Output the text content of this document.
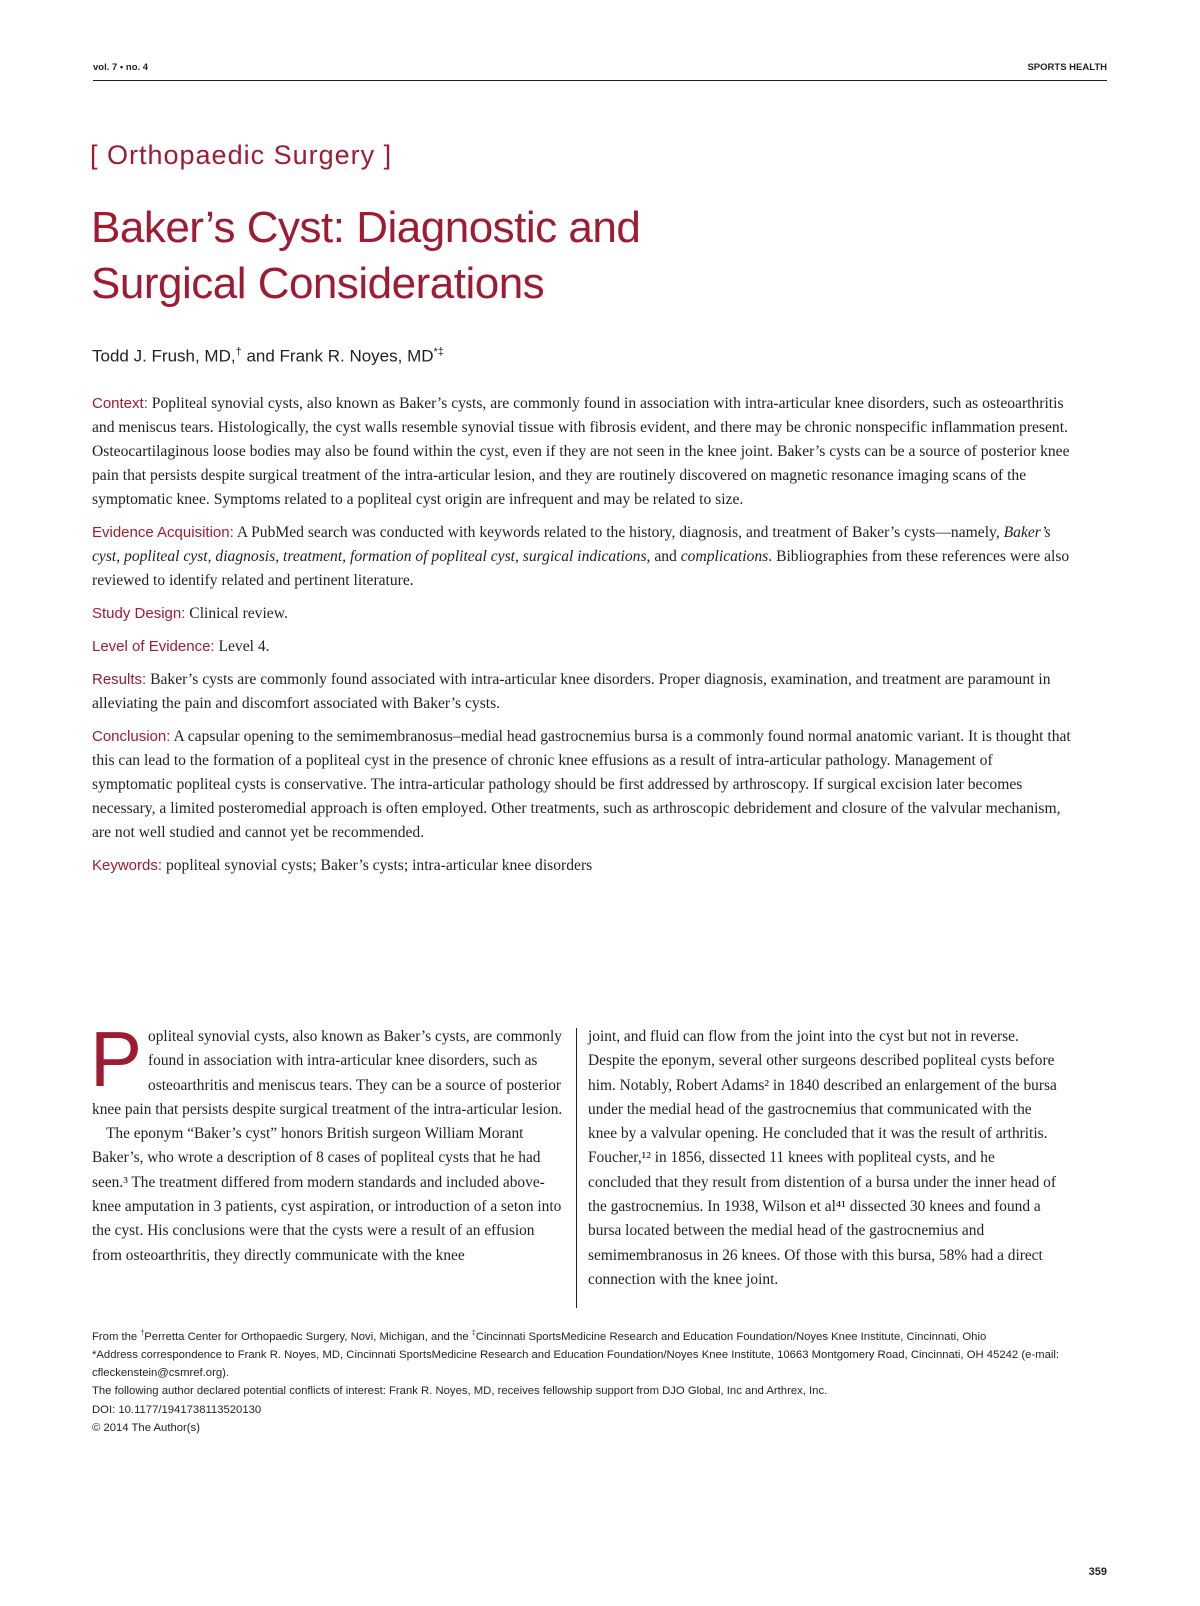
vol. 7 • no. 4	SPORTS HEALTH
[ Orthopaedic Surgery ]
Baker’s Cyst: Diagnostic and
Surgical Considerations
Todd J. Frush, MD,† and Frank R. Noyes, MD*‡

Context: Popliteal synovial cysts, also known as Baker’s cysts, are commonly found in association with intra-articular knee disorders, such as osteoarthritis and meniscus tears. Histologically, the cyst walls resemble synovial tissue with fibrosis evident, and there may be chronic nonspecific inflammation present. Osteocartilaginous loose bodies may also be found within the cyst, even if they are not seen in the knee joint. Baker’s cysts can be a source of posterior knee pain that persists despite surgical treatment of the intra-articular lesion, and they are routinely discovered on magnetic resonance imaging scans of the symptomatic knee. Symptoms related to a popliteal cyst origin are infrequent and may be related to size.

Evidence Acquisition: A PubMed search was conducted with keywords related to the history, diagnosis, and treatment of Baker’s cysts—namely, Baker’s cyst, popliteal cyst, diagnosis, treatment, formation of popliteal cyst, surgical indications, and complications. Bibliographies from these references were also reviewed to identify related and pertinent literature.

Study Design: Clinical review.

Level of Evidence: Level 4.

Results: Baker’s cysts are commonly found associated with intra-articular knee disorders. Proper diagnosis, examination, and treatment are paramount in alleviating the pain and discomfort associated with Baker’s cysts.

Conclusion: A capsular opening to the semimembranosus–medial head gastrocnemius bursa is a commonly found normal anatomic variant. It is thought that this can lead to the formation of a popliteal cyst in the presence of chronic knee effusions as a result of intra-articular pathology. Management of symptomatic popliteal cysts is conservative. The intra-articular pathology should be first addressed by arthroscopy. If surgical excision later becomes necessary, a limited posteromedial approach is often employed. Other treatments, such as arthroscopic debridement and closure of the valvular mechanism, are not well studied and cannot yet be recommended.

Keywords: popliteal synovial cysts; Baker’s cysts; intra-articular knee disorders

Popliteal synovial cysts, also known as Baker’s cysts, are commonly found in association with intra-articular knee disorders, such as osteoarthritis and meniscus tears. They can be a source of posterior knee pain that persists despite surgical treatment of the intra-articular lesion.

The eponym “Baker’s cyst” honors British surgeon William Morant Baker’s, who wrote a description of 8 cases of popliteal cysts that he had seen.³ The treatment differed from modern standards and included above-knee amputation in 3 patients, cyst aspiration, or introduction of a seton into the cyst. His conclusions were that the cysts were a result of an effusion from osteoarthritis, they directly communicate with the knee

joint, and fluid can flow from the joint into the cyst but not in reverse. Despite the eponym, several other surgeons described popliteal cysts before him. Notably, Robert Adams² in 1840 described an enlargement of the bursa under the medial head of the gastrocnemius that communicated with the knee by a valvular opening. He concluded that it was the result of arthritis. Foucher,¹² in 1856, dissected 11 knees with popliteal cysts, and he concluded that they result from distention of a bursa under the inner head of the gastrocnemius. In 1938, Wilson et al⁴¹ dissected 30 knees and found a bursa located between the medial head of the gastrocnemius and semimembranosus in 26 knees. Of those with this bursa, 58% had a direct connection with the knee joint.

From the †Perretta Center for Orthopaedic Surgery, Novi, Michigan, and the ‡Cincinnati SportsMedicine Research and Education Foundation/Noyes Knee Institute, Cincinnati, Ohio

*Address correspondence to Frank R. Noyes, MD, Cincinnati SportsMedicine Research and Education Foundation/Noyes Knee Institute, 10663 Montgomery Road, Cincinnati, OH 45242 (e-mail: cfleckenstein@csmref.org).

The following author declared potential conflicts of interest: Frank R. Noyes, MD, receives fellowship support from DJO Global, Inc and Arthrex, Inc.

DOI: 10.1177/1941738113520130

© 2014 The Author(s)

359
